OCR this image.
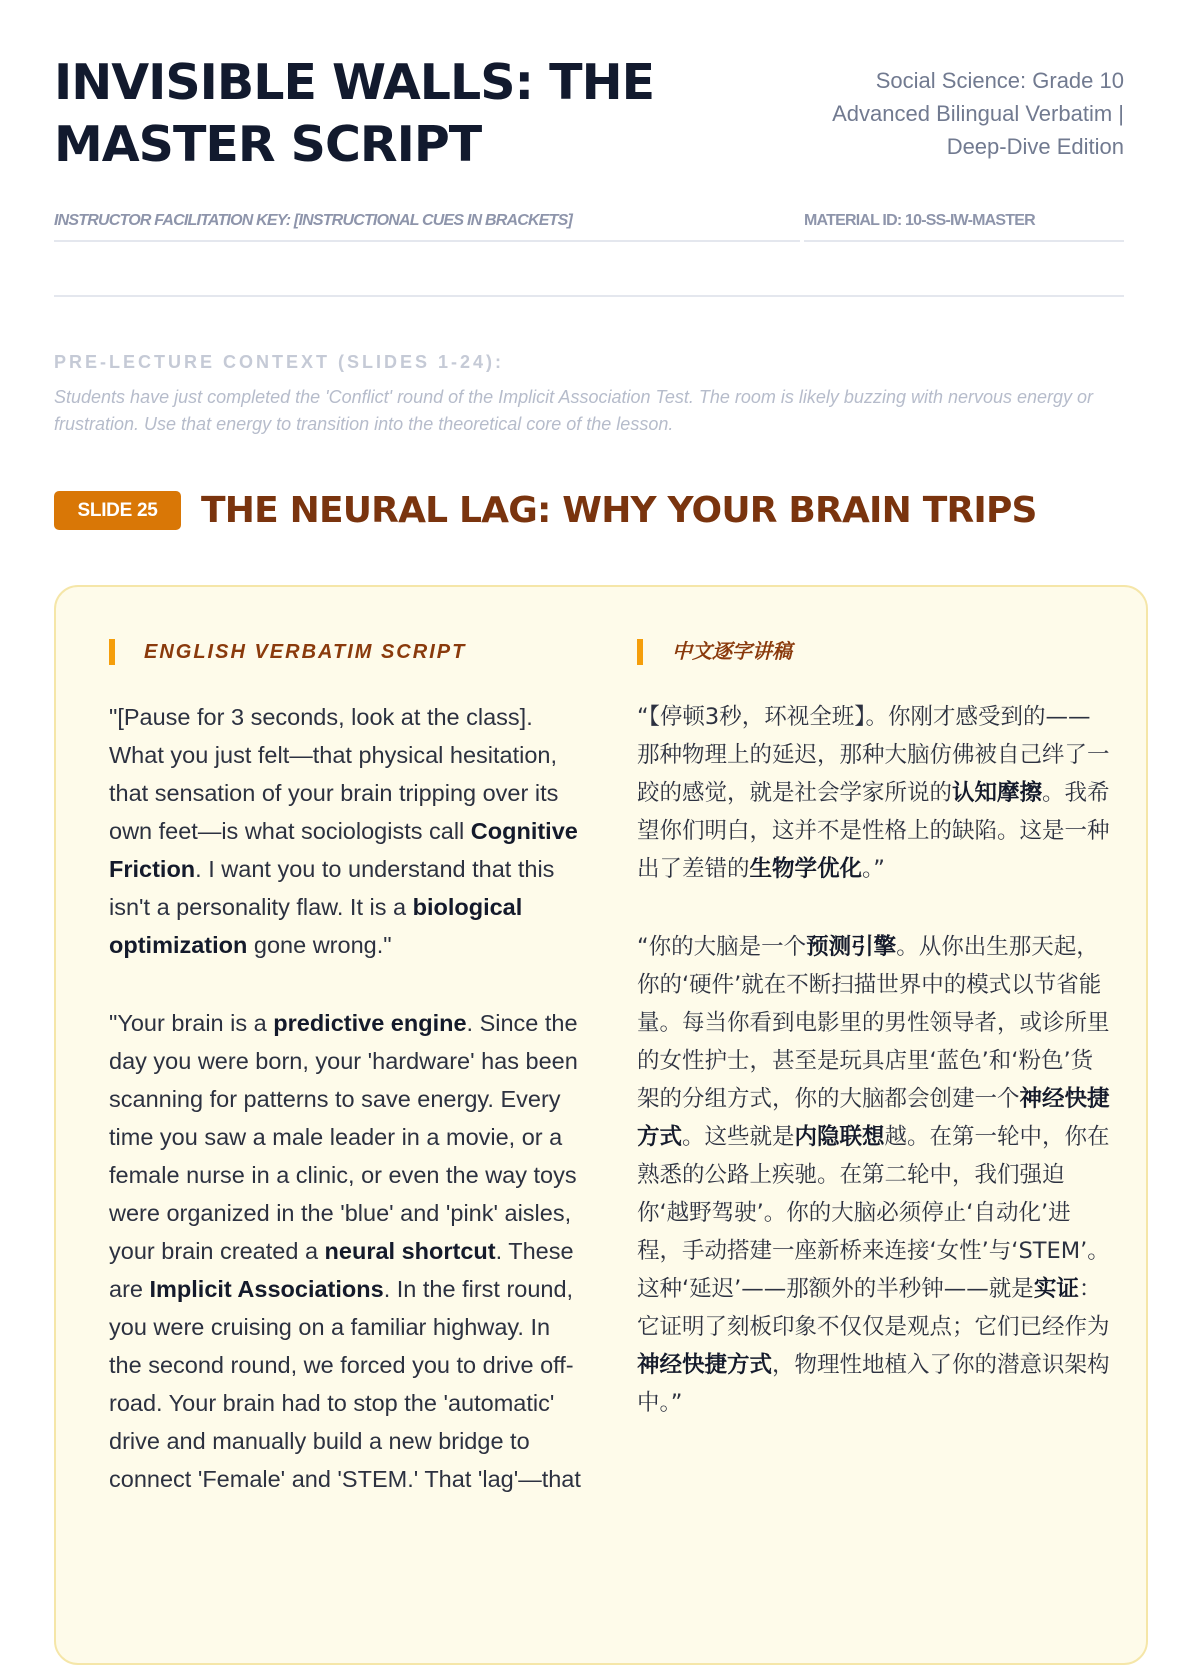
INVISIBLE WALLS: THE MASTER SCRIPT
Social Science: Grade 10
Advanced Bilingual Verbatim |
Deep-Dive Edition
INSTRUCTOR FACILITATION KEY: [INSTRUCTIONAL CUES IN BRACKETS]	MATERIAL ID: 10-SS-IW-MASTER
PRE-LECTURE CONTEXT (SLIDES 1-24):
Students have just completed the 'Conflict' round of the Implicit Association Test. The room is likely buzzing with nervous energy or frustration. Use that energy to transition into the theoretical core of the lesson.
SLIDE 25	THE NEURAL LAG: WHY YOUR BRAIN TRIPS
ENGLISH VERBATIM SCRIPT

"[Pause for 3 seconds, look at the class]. What you just felt—that physical hesitation, that sensation of your brain tripping over its own feet—is what sociologists call Cognitive Friction. I want you to understand that this isn't a personality flaw. It is a biological optimization gone wrong."

"Your brain is a predictive engine. Since the day you were born, your 'hardware' has been scanning for patterns to save energy. Every time you saw a male leader in a movie, or a female nurse in a clinic, or even the way toys were organized in the 'blue' and 'pink' aisles, your brain created a neural shortcut. These are Implicit Associations. In the first round, you were cruising on a familiar highway. In the second round, we forced you to drive off-road. Your brain had to stop the 'automatic' drive and manually build a new bridge to connect 'Female' and 'STEM.' That 'lag'—that

中文逐字讲稿

“【停顿3秒，环视全班】。你刚才感受到的——那种物理上的延迟，那种大脑仿佛被自己绊了一跤的感觉，就是社会学家所说的认知摩擦。我希望你们明白，这并不是性格上的缺陷。这是一种出了差错的生物学优化。”

“你的大脑是一个预测引擎。从你出生那天起，你的‘硬件’就在不断扫描世界中的模式以节省能量。每当你看到电影里的男性领导者，或诊所里的女性护士，甚至是玩具店里‘蓝色’和‘粉色’货架的分组方式，你的大脑都会创建一个神经快捷方式。这些就是内隐联想越。在第一轮中，你在熟悉的公路上疾驰。在第二轮中，我们强迫你‘越野驾驶’。你的大脑必须停止‘自动化’进程，手动搭建一座新桥来连接‘女性’与‘STEM’。这种‘延迟’——那额外的半秒钟——就是实证：它证明了刻板印象不仅仅是观点；它们已经作为神经快捷方式，物理性地植入了你的潜意识架构中。”
